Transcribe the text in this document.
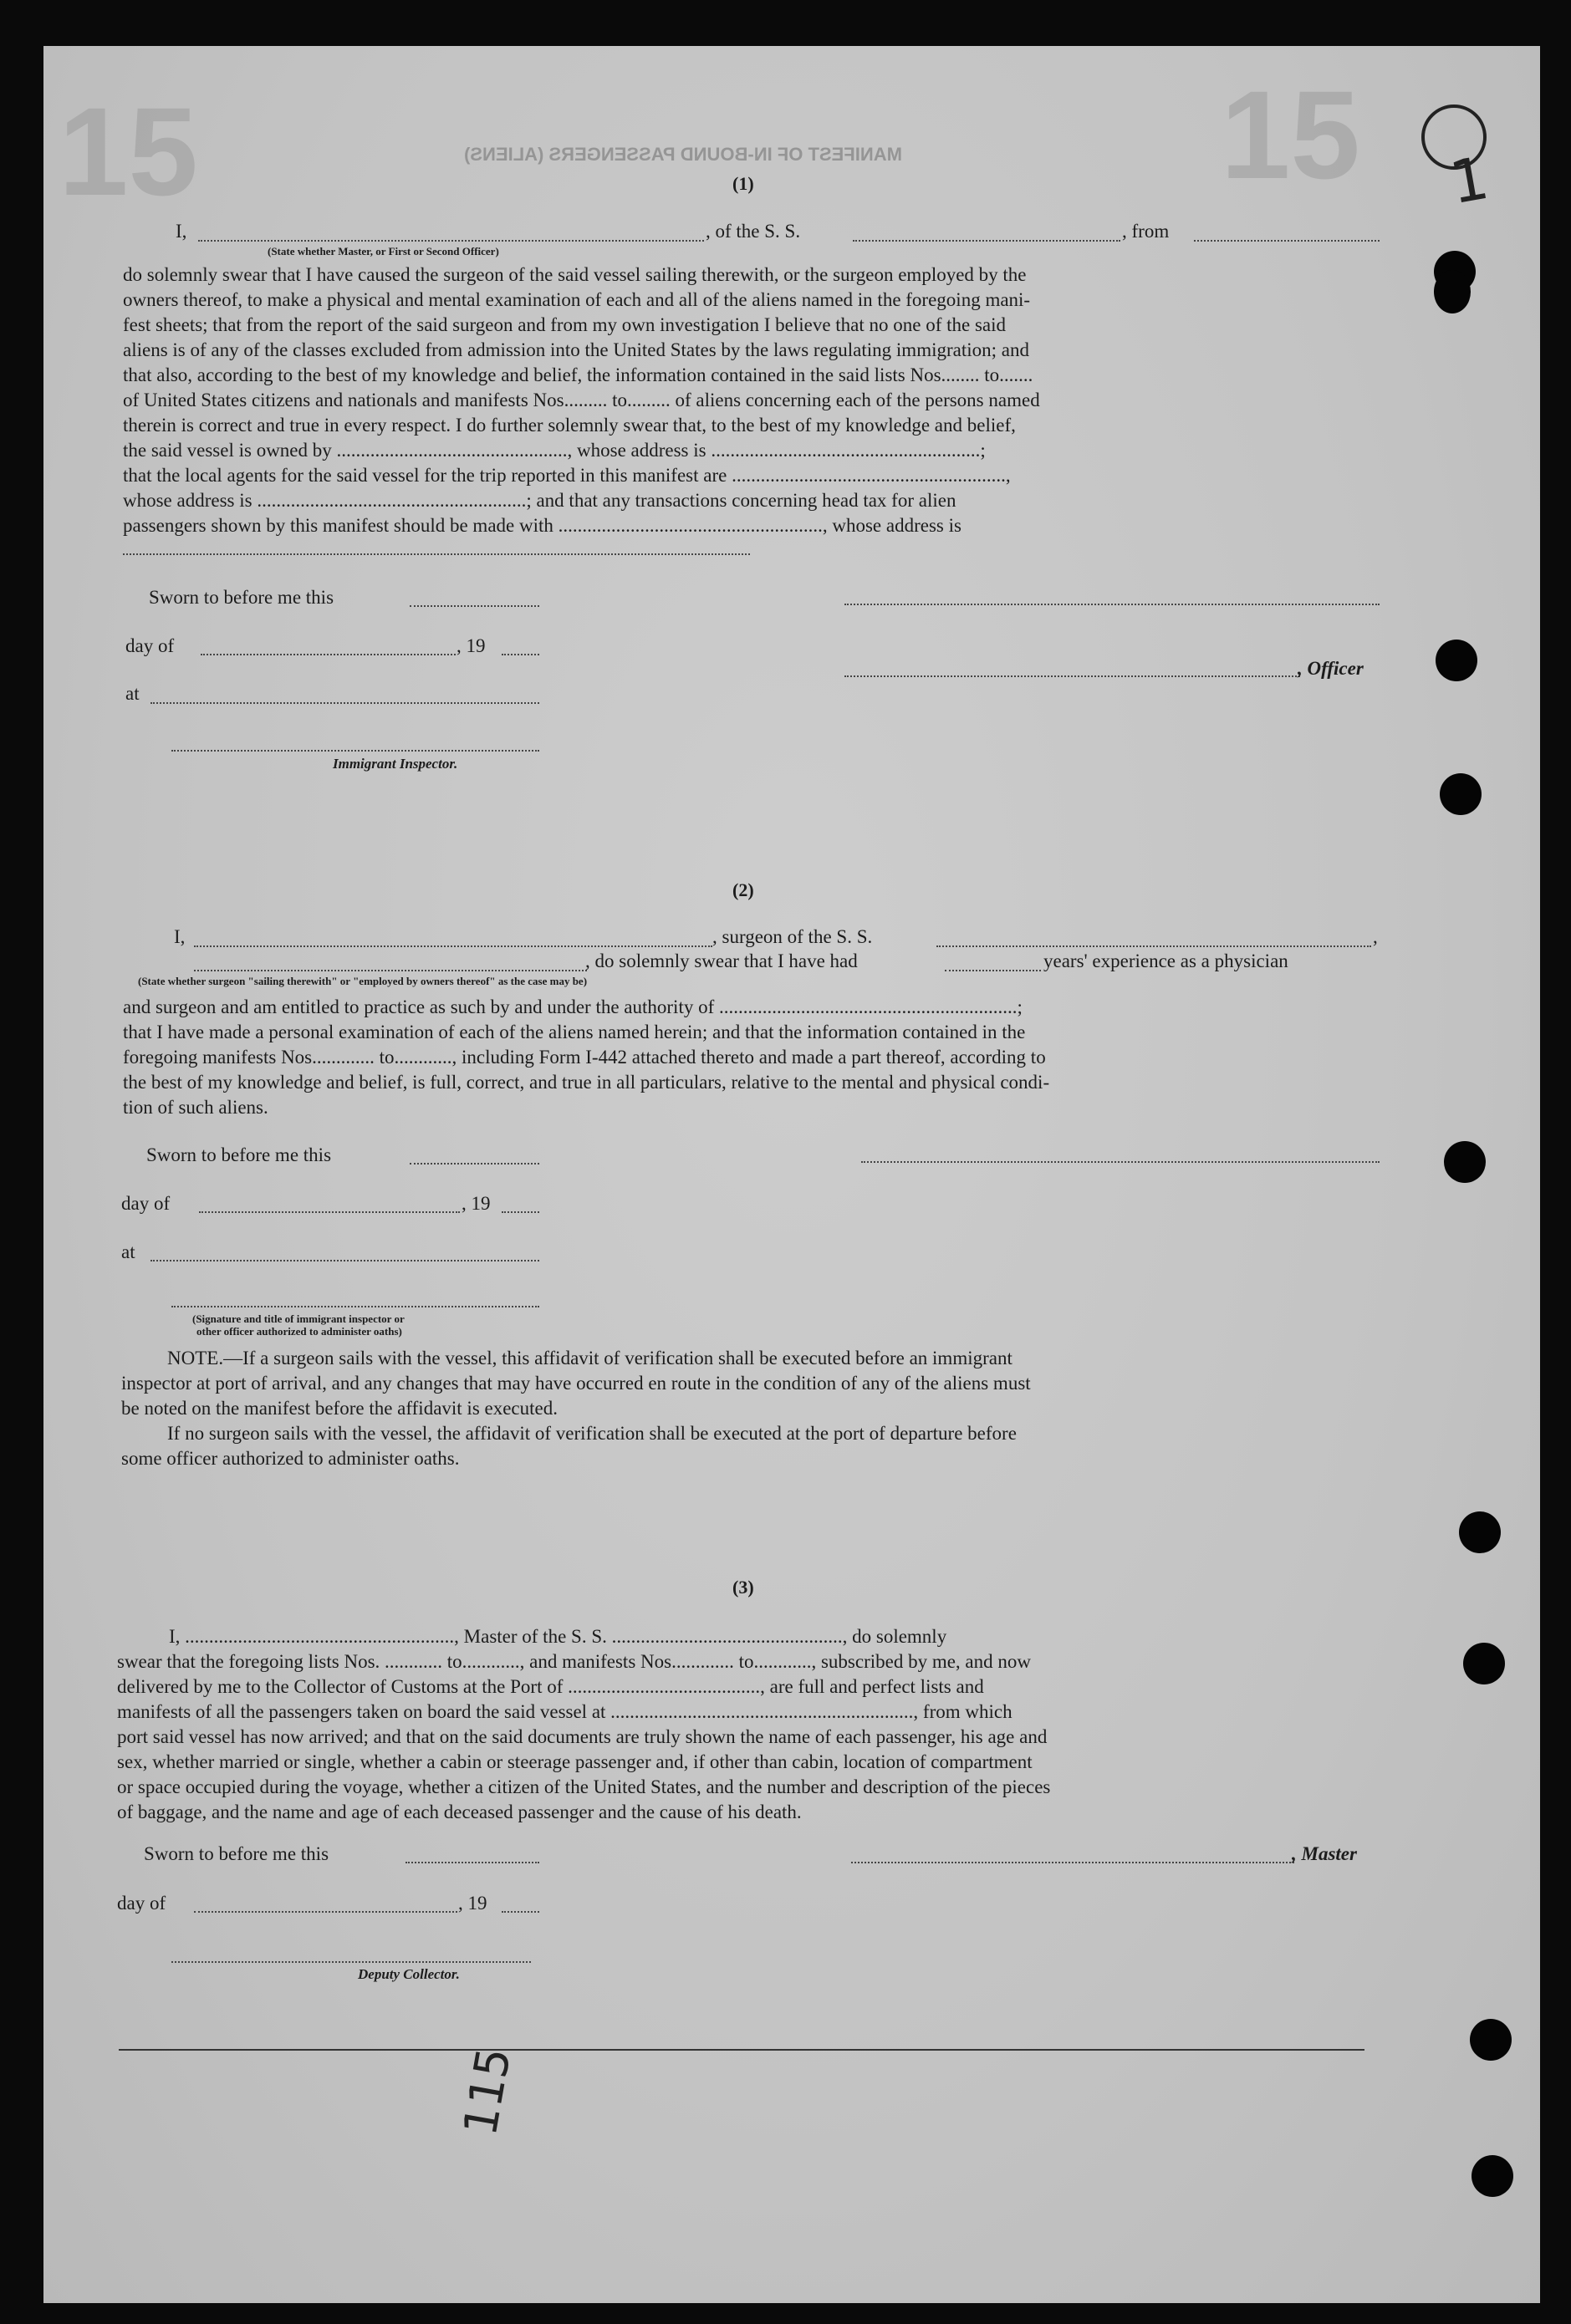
MANIFEST OF IN-BOUND PASSENGERS (ALIENS)
15	15 1
(1)
I,	, of the S. S.	, from
(State whether Master, or First or Second Officer)
do solemnly swear that I have caused the surgeon of the said vessel sailing therewith, or the surgeon employed by the
owners thereof, to make a physical and mental examination of each and all of the aliens named in the foregoing mani-
fest sheets; that from the report of the said surgeon and from my own investigation I believe that no one of the said
aliens is of any of the classes excluded from admission into the United States by the laws regulating immigration; and
that also, according to the best of my knowledge and belief, the information contained in the said lists Nos........ to.......
of United States citizens and nationals and manifests Nos......... to......... of aliens concerning each of the persons named
therein is correct and true in every respect. I do further solemnly swear that, to the best of my knowledge and belief,
the said vessel is owned by ................................................, whose address is ........................................................;
that the local agents for the said vessel for the trip reported in this manifest are .........................................................,
whose address is ........................................................; and that any transactions concerning head tax for alien
passengers shown by this manifest should be made with ......................................................., whose address is
Sworn to before me this
day of	, 19
, Officer
at
Immigrant Inspector.
(2)
I,	, surgeon of the S. S.	,
, do solemnly swear that I have had	years' experience as a physician
(State whether surgeon "sailing therewith" or "employed by owners thereof" as the case may be)
and surgeon and am entitled to practice as such by and under the authority of ..............................................................;
that I have made a personal examination of each of the aliens named herein; and that the information contained in the
foregoing manifests Nos............. to............, including Form I-442 attached thereto and made a part thereof, according to
the best of my knowledge and belief, is full, correct, and true in all particulars, relative to the mental and physical condi-
tion of such aliens.
Sworn to before me this
day of	, 19
at
(Signature and title of immigrant inspector or
other officer authorized to administer oaths)
NOTE.—If a surgeon sails with the vessel, this affidavit of verification shall be executed before an immigrant
inspector at port of arrival, and any changes that may have occurred en route in the condition of any of the aliens must
be noted on the manifest before the affidavit is executed.
If no surgeon sails with the vessel, the affidavit of verification shall be executed at the port of departure before
some officer authorized to administer oaths.
(3)
I, ........................................................, Master of the S. S. ................................................, do solemnly
swear that the foregoing lists Nos. ............ to............, and manifests Nos............. to............, subscribed by me, and now
delivered by me to the Collector of Customs at the Port of ........................................, are full and perfect lists and
manifests of all the passengers taken on board the said vessel at ..............................................................., from which
port said vessel has now arrived; and that on the said documents are truly shown the name of each passenger, his age and
sex, whether married or single, whether a cabin or steerage passenger and, if other than cabin, location of compartment
or space occupied during the voyage, whether a citizen of the United States, and the number and description of the pieces
of baggage, and the name and age of each deceased passenger and the cause of his death.
Sworn to before me this	, Master
day of	, 19
Deputy Collector.
115
